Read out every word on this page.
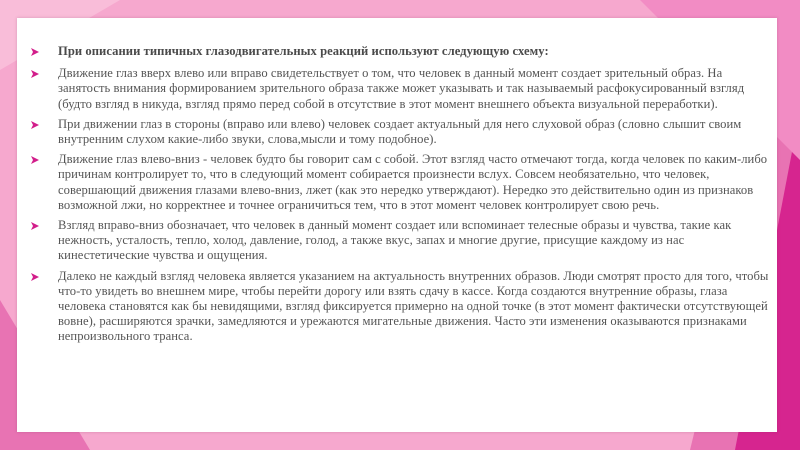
При описании типичных глазодвигательных реакций используют следующую схему:
Движение глаз вверх влево или вправо свидетельствует о том, что человек в данный момент создает зрительный образ. На занятость внимания формированием зрительного образа также может указывать и так называемый расфокусированный взгляд (будто взгляд в никуда, взгляд прямо перед собой в отсутствие в этот момент внешнего объекта визуальной переработки).
При движении глаз в стороны (вправо или влево) человек создает актуальный для него слуховой образ (словно слышит своим внутренним слухом какие-либо звуки, слова,мысли и тому подобное).
Движение глаз влево-вниз - человек будто бы говорит сам с собой. Этот взгляд часто отмечают тогда, когда человек по каким-либо причинам контролирует то, что в следующий момент собирается произнести вслух. Совсем необязательно, что человек, совершающий движения глазами влево-вниз, лжет (как это нередко утверждают). Нередко это действительно один из признаков возможной лжи, но корректнее и точнее ограничиться тем, что в этот момент человек контролирует свою речь.
Взгляд вправо-вниз обозначает, что человек в данный момент создает или вспоминает телесные образы и чувства, такие как нежность, усталость, тепло, холод, давление, голод, а также вкус, запах и многие другие, присущие каждому из нас кинестетические чувства и ощущения.
Далеко не каждый взгляд человека является указанием на актуальность внутренних образов. Люди смотрят просто для того, чтобы что-то увидеть во внешнем мире, чтобы перейти дорогу или взять сдачу в кассе. Когда создаются внутренние образы, глаза человека становятся как бы невидящими, взгляд фиксируется примерно на одной точке (в этот момент фактически отсутствующей вовне), расширяются зрачки, замедляются и урежаются мигательные движения. Часто эти изменения оказываются признаками непроизвольного транса.
